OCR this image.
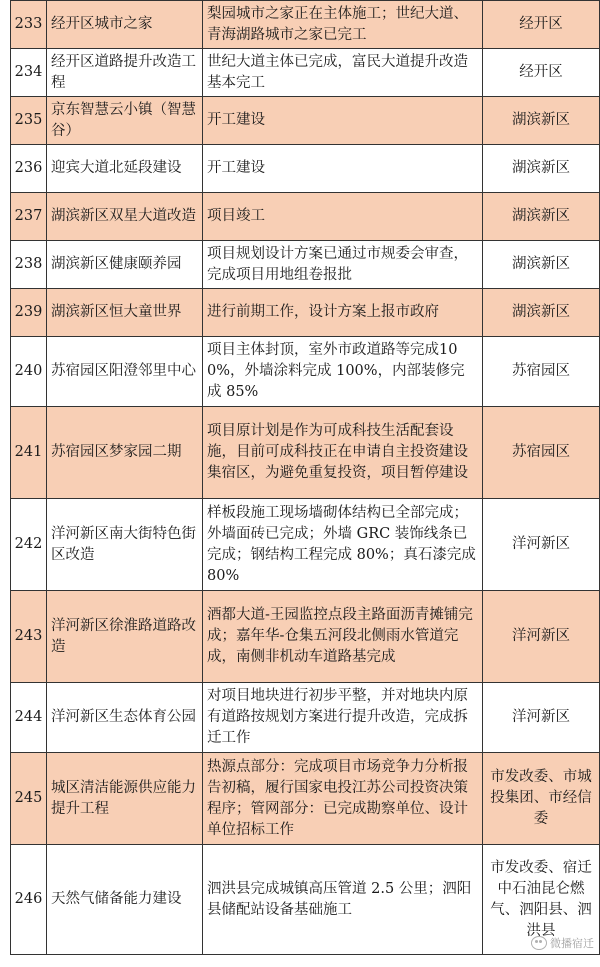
233	经开区城市之家	梨园城市之家正在主体施工；世纪大道、青海湖路城市之家已完工	经开区
234	经开区道路提升改造工程	世纪大道主体已完成，富民大道提升改造基本完工	经开区
235	京东智慧云小镇（智慧谷）	开工建设	湖滨新区
236	迎宾大道北延段建设	开工建设	湖滨新区
237	湖滨新区双星大道改造	项目竣工	湖滨新区
238	湖滨新区健康颐养园	项目规划设计方案已通过市规委会审查，完成项目用地组卷报批	湖滨新区
239	湖滨新区恒大童世界	进行前期工作，设计方案上报市政府	湖滨新区
240	苏宿园区阳澄邻里中心	项目主体封顶，室外市政道路等完成100%，外墙涂料完成 100%，内部装修完成 85%	苏宿园区
241	苏宿园区梦家园二期	项目原计划是作为可成科技生活配套设施，目前可成科技正在申请自主投资建设集宿区，为避免重复投资，项目暂停建设	苏宿园区
242	洋河新区南大街特色街区改造	样板段施工现场墙砌体结构已全部完成；外墙面砖已完成；外墙 GRC 装饰线条已完成；钢结构工程完成 80%；真石漆完成 80%	洋河新区
243	洋河新区徐淮路道路改造	酒都大道-王园监控点段主路面沥青摊铺完成；嘉年华-仓集五河段北侧雨水管道完成，南侧非机动车道路基完成	洋河新区
244	洋河新区生态体育公园	对项目地块进行初步平整，并对地块内原有道路按规划方案进行提升改造，完成拆迁工作	洋河新区
245	城区清洁能源供应能力提升工程	热源点部分：完成项目市场竞争力分析报告初稿，履行国家电投江苏公司投资决策程序；管网部分：已完成勘察单位、设计单位招标工作	市发改委、市城投集团、市经信委
246	天然气储备能力建设	泗洪县完成城镇高压管道 2.5 公里；泗阳县储配站设备基础施工	市发改委、宿迁中石油昆仑燃气、泗阳县、泗洪县
微播宿迁
